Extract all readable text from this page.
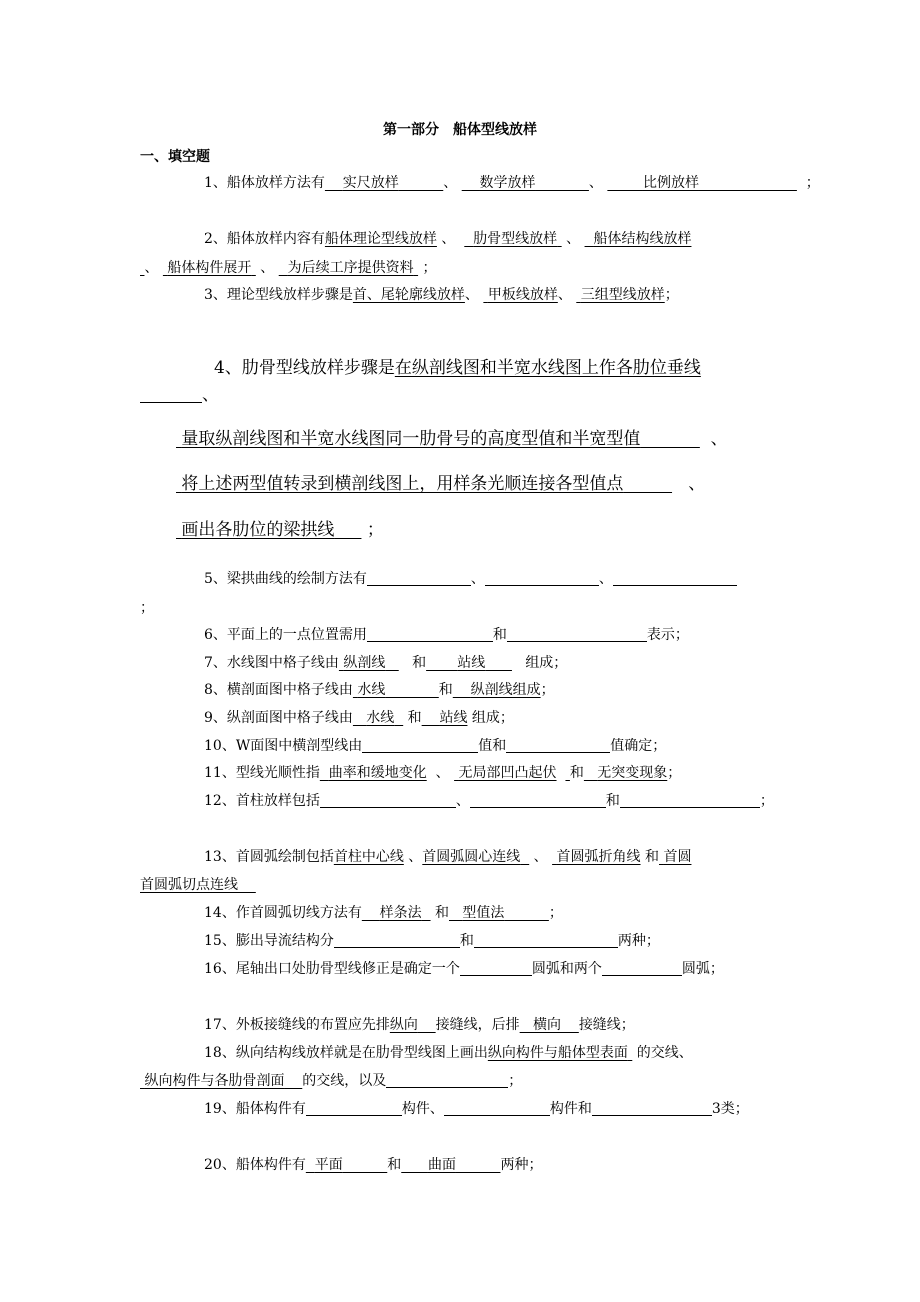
第一部分 船体型线放样
一、填空题
1、船体放样方法有 实尺放样	、 数学放样	、	比例放样	；
2、船体放样内容有船体理论型线放样 、 肋骨型线放样 、 船体结构线放样
、 船体构件展开 、 为后续工序提供资料 ；
3、理论型线放样步骤是首、尾轮廓线放样、 甲板线放样、 三组型线放样；
4、肋骨型线放样步骤是在纵剖线图和半宽水线图上作各肋位垂线
、
量取纵剖线图和半宽水线图同一肋骨号的高度型值和半宽型值	、
将上述两型值转录到横剖线图上，用样条光顺连接各型值点	、
画出各肋位的梁拱线 ；
5、梁拱曲线的绘制方法有	、	、
；
6、平面上的一点位置需用	和	表示；
7、水线图中格子线由 纵剖线 和 站线	组成；
8、横剖面图中格子线由 水线	和 纵剖线组成；
9、纵剖面图中格子线由 水线 和 站线 组成；
10、W面图中横剖型线由	值和	值确定；
11、型线光顺性指 曲率和缓地变化 、 无局部凹凸起伏 和 无突变现象；
12、首柱放样包括	、	和	；
13、首圆弧绘制包括首柱中心线 、首圆弧圆心连线 、 首圆弧折角线 和 首圆
首圆弧切点连线
14、作首圆弧切线方法有 样条法 和 型值法	；
15、膨出导流结构分	和	两种；
16、尾轴出口处肋骨型线修正是确定一个	圆弧和两个	圆弧；
17、外板接缝线的布置应先排纵向 接缝线，后排 横向 接缝线；
18、纵向结构线放样就是在肋骨型线图上画出纵向构件与船体型表面 的交线、
纵向构件与各肋骨剖面 的交线，以及	；
19、船体构件有	构件、	构件和	3类；
20、船体构件有 平面	和 曲面	两种；
